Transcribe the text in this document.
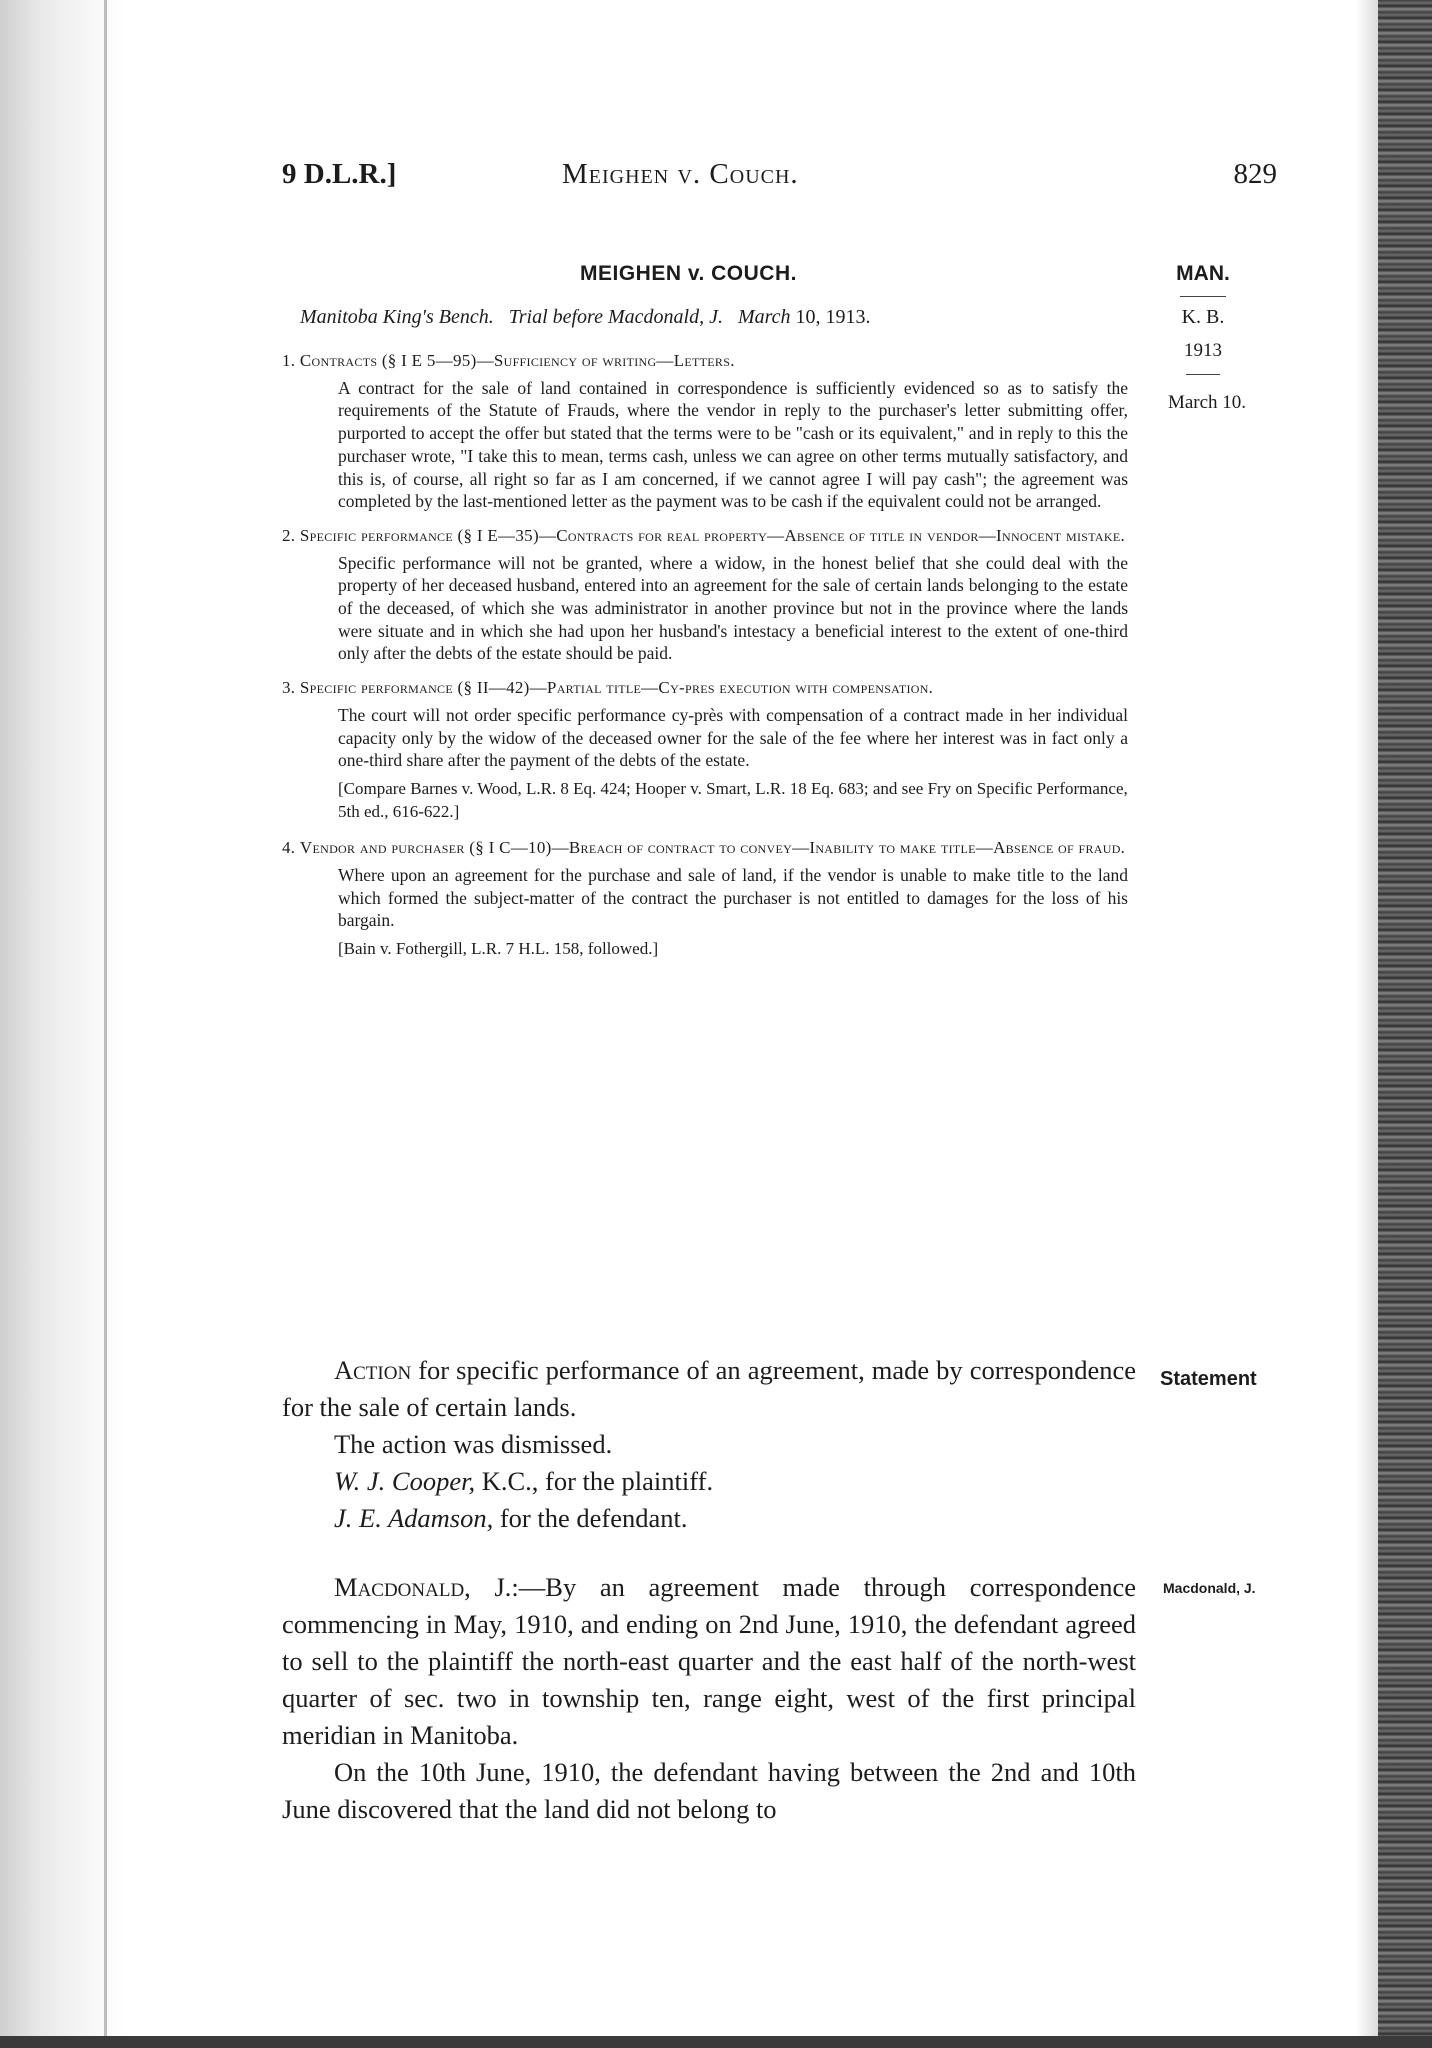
9 D.L.R.]	Meighen v. Couch.	829
MEIGHEN v. COUCH.
Manitoba King's Bench. Trial before Macdonald, J. March 10, 1913.
MAN.
K. B.
1913
March 10.

1. Contracts (§ I E 5—95)—Sufficiency of writing—Letters.

A contract for the sale of land contained in correspondence is sufficiently evidenced so as to satisfy the requirements of the Statute of Frauds, where the vendor in reply to the purchaser's letter submitting offer, purported to accept the offer but stated that the terms were to be "cash or its equivalent," and in reply to this the purchaser wrote, "I take this to mean, terms cash, unless we can agree on other terms mutually satisfactory, and this is, of course, all right so far as I am concerned, if we cannot agree I will pay cash"; the agreement was completed by the last-mentioned letter as the payment was to be cash if the equivalent could not be arranged.

2. Specific performance (§ I E—35)—Contracts for real property—Absence of title in vendor—Innocent mistake.

Specific performance will not be granted, where a widow, in the honest belief that she could deal with the property of her deceased husband, entered into an agreement for the sale of certain lands belonging to the estate of the deceased, of which she was administrator in another province but not in the province where the lands were situate and in which she had upon her husband's intestacy a beneficial interest to the extent of one-third only after the debts of the estate should be paid.

3. Specific performance (§ II—42)—Partial title—Cy-pres execution with compensation.

The court will not order specific performance cy-près with compensation of a contract made in her individual capacity only by the widow of the deceased owner for the sale of the fee where her interest was in fact only a one-third share after the payment of the debts of the estate.

[Compare Barnes v. Wood, L.R. 8 Eq. 424; Hooper v. Smart, L.R. 18 Eq. 683; and see Fry on Specific Performance, 5th ed., 616-622.]

4. Vendor and purchaser (§ I C—10)—Breach of contract to convey—Inability to make title—Absence of fraud.

Where upon an agreement for the purchase and sale of land, if the vendor is unable to make title to the land which formed the subject-matter of the contract the purchaser is not entitled to damages for the loss of his bargain.

[Bain v. Fothergill, L.R. 7 H.L. 158, followed.]

Statement
Macdonald, J.

Action for specific performance of an agreement, made by correspondence for the sale of certain lands.

The action was dismissed.

W. J. Cooper, K.C., for the plaintiff.

J. E. Adamson, for the defendant.

Macdonald, J.:—By an agreement made through correspondence commencing in May, 1910, and ending on 2nd June, 1910, the defendant agreed to sell to the plaintiff the north-east quarter and the east half of the north-west quarter of sec. two in township ten, range eight, west of the first principal meridian in Manitoba.

On the 10th June, 1910, the defendant having between the 2nd and 10th June discovered that the land did not belong to
